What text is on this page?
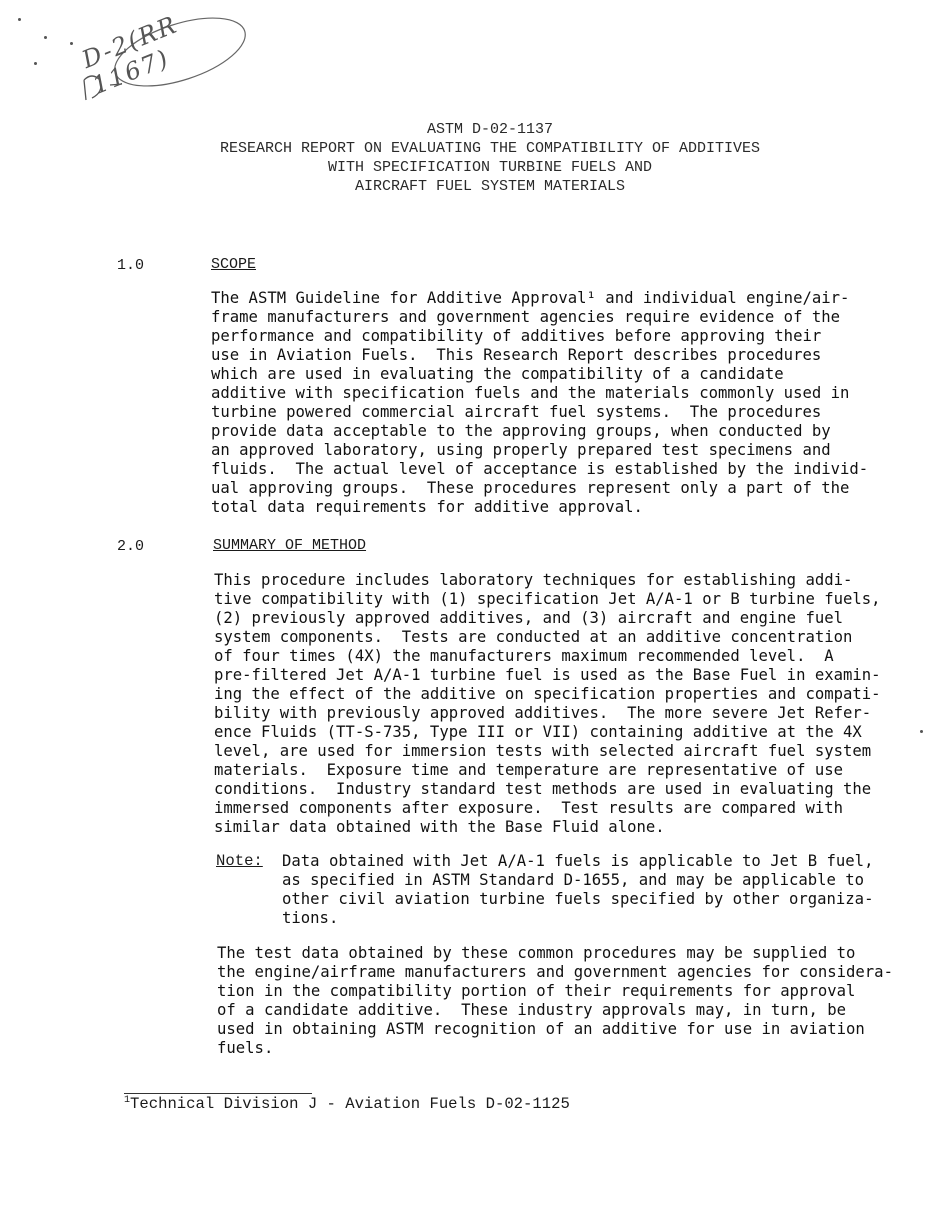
D-2(RR 1167)
ASTM D-02-1137
RESEARCH REPORT ON EVALUATING THE COMPATIBILITY OF ADDITIVES
WITH SPECIFICATION TURBINE FUELS AND
AIRCRAFT FUEL SYSTEM MATERIALS
1.0	SCOPE
The ASTM Guideline for Additive Approval¹ and individual engine/air-
frame manufacturers and government agencies require evidence of the
performance and compatibility of additives before approving their
use in Aviation Fuels.  This Research Report describes procedures
which are used in evaluating the compatibility of a candidate
additive with specification fuels and the materials commonly used in
turbine powered commercial aircraft fuel systems.  The procedures
provide data acceptable to the approving groups, when conducted by
an approved laboratory, using properly prepared test specimens and
fluids.  The actual level of acceptance is established by the individ-
ual approving groups.  These procedures represent only a part of the
total data requirements for additive approval.
2.0	SUMMARY OF METHOD
This procedure includes laboratory techniques for establishing addi-
tive compatibility with (1) specification Jet A/A-1 or B turbine fuels,
(2) previously approved additives, and (3) aircraft and engine fuel
system components.  Tests are conducted at an additive concentration
of four times (4X) the manufacturers maximum recommended level.  A
pre-filtered Jet A/A-1 turbine fuel is used as the Base Fuel in examin-
ing the effect of the additive on specification properties and compati-
bility with previously approved additives.  The more severe Jet Refer-
ence Fluids (TT-S-735, Type III or VII) containing additive at the 4X
level, are used for immersion tests with selected aircraft fuel system
materials.  Exposure time and temperature are representative of use
conditions.  Industry standard test methods are used in evaluating the
immersed components after exposure.  Test results are compared with
similar data obtained with the Base Fluid alone.
Note: Data obtained with Jet A/A-1 fuels is applicable to Jet B fuel,
as specified in ASTM Standard D-1655, and may be applicable to
other civil aviation turbine fuels specified by other organiza-
tions.
The test data obtained by these common procedures may be supplied to
the engine/airframe manufacturers and government agencies for considera-
tion in the compatibility portion of their requirements for approval
of a candidate additive.  These industry approvals may, in turn, be
used in obtaining ASTM recognition of an additive for use in aviation
fuels.
$^1$Technical Division J - Aviation Fuels D-02-1125
